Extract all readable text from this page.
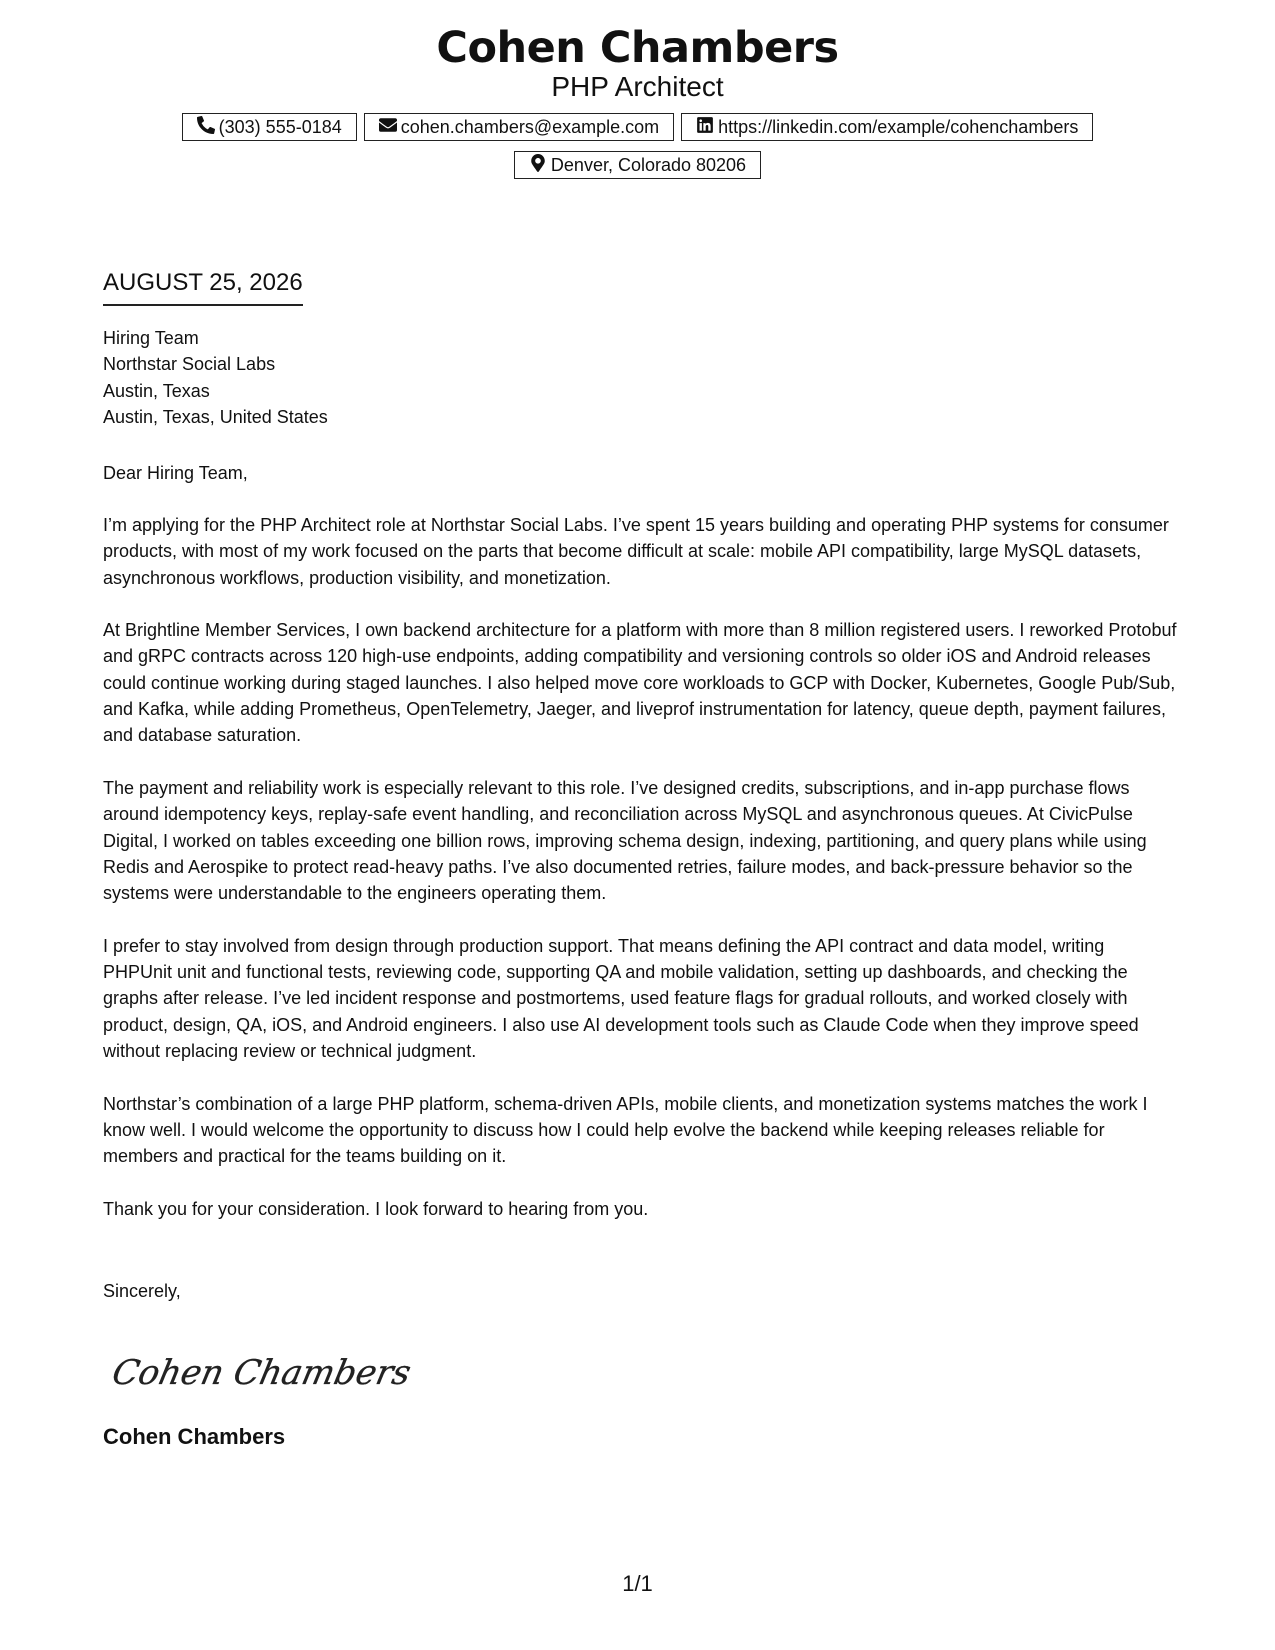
Cohen Chambers
PHP Architect
(303) 555-0184	cohen.chambers@example.com	https://linkedin.com/example/cohenchambers
Denver, Colorado 80206
AUGUST 25, 2026
Hiring Team
Northstar Social Labs
Austin, Texas
Austin, Texas, United States
Dear Hiring Team,

I’m applying for the PHP Architect role at Northstar Social Labs. I’ve spent 15 years building and operating PHP systems for consumer products, with most of my work focused on the parts that become difficult at scale: mobile API compatibility, large MySQL datasets, asynchronous workflows, production visibility, and monetization.

At Brightline Member Services, I own backend architecture for a platform with more than 8 million registered users. I reworked Protobuf and gRPC contracts across 120 high-use endpoints, adding compatibility and versioning controls so older iOS and Android releases could continue working during staged launches. I also helped move core workloads to GCP with Docker, Kubernetes, Google Pub/Sub, and Kafka, while adding Prometheus, OpenTelemetry, Jaeger, and liveprof instrumentation for latency, queue depth, payment failures, and database saturation.

The payment and reliability work is especially relevant to this role. I’ve designed credits, subscriptions, and in-app purchase flows around idempotency keys, replay-safe event handling, and reconciliation across MySQL and asynchronous queues. At CivicPulse Digital, I worked on tables exceeding one billion rows, improving schema design, indexing, partitioning, and query plans while using Redis and Aerospike to protect read-heavy paths. I’ve also documented retries, failure modes, and back-pressure behavior so the systems were understandable to the engineers operating them.

I prefer to stay involved from design through production support. That means defining the API contract and data model, writing PHPUnit unit and functional tests, reviewing code, supporting QA and mobile validation, setting up dashboards, and checking the graphs after release. I’ve led incident response and postmortems, used feature flags for gradual rollouts, and worked closely with product, design, QA, iOS, and Android engineers. I also use AI development tools such as Claude Code when they improve speed without replacing review or technical judgment.

Northstar’s combination of a large PHP platform, schema-driven APIs, mobile clients, and monetization systems matches the work I know well. I would welcome the opportunity to discuss how I could help evolve the backend while keeping releases reliable for members and practical for the teams building on it.

Thank you for your consideration. I look forward to hearing from you.

Sincerely,
Cohen Chambers
Cohen Chambers
1/1
